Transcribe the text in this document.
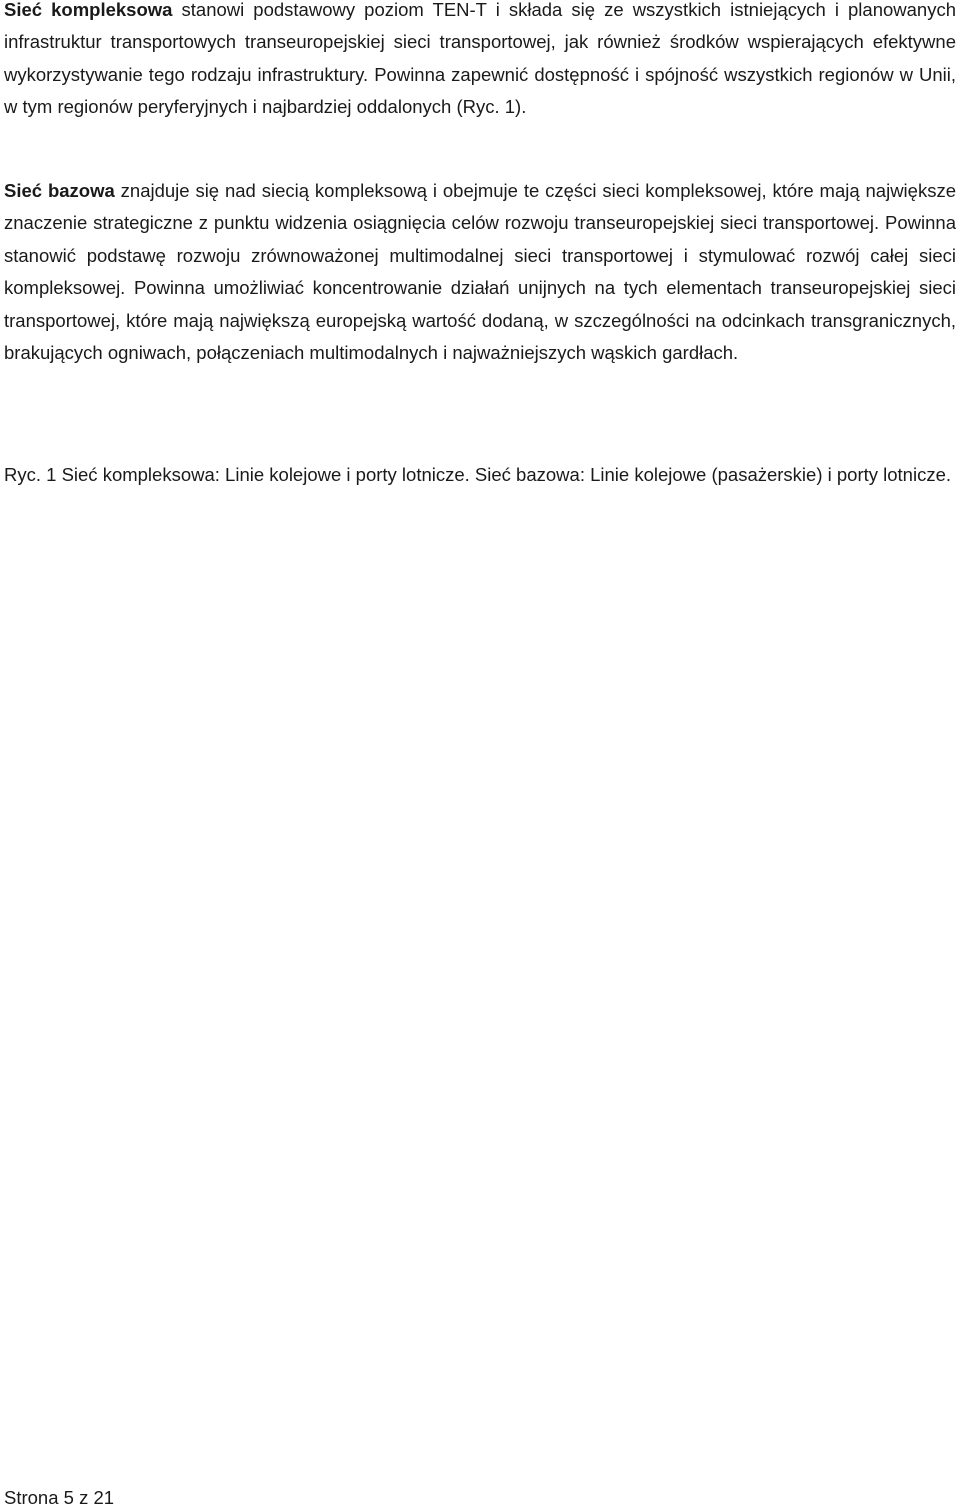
Sieć kompleksowa stanowi podstawowy poziom TEN-T i składa się ze wszystkich istniejących i planowanych infrastruktur transportowych transeuropejskiej sieci transportowej, jak również środków wspierających efektywne wykorzystywanie tego rodzaju infrastruktury. Powinna zapewnić dostępność i spójność wszystkich regionów w Unii, w tym regionów peryferyjnych i najbardziej oddalonych (Ryc. 1).

Sieć bazowa znajduje się nad siecią kompleksową i obejmuje te części sieci kompleksowej, które mają największe znaczenie strategiczne z punktu widzenia osiągnięcia celów rozwoju transeuropejskiej sieci transportowej. Powinna stanowić podstawę rozwoju zrównoważonej multimodalnej sieci transportowej i stymulować rozwój całej sieci kompleksowej. Powinna umożliwiać koncentrowanie działań unijnych na tych elementach transeuropejskiej sieci transportowej, które mają największą europejską wartość dodaną, w szczególności na odcinkach transgranicznych, brakujących ogniwach, połączeniach multimodalnych i najważniejszych wąskich gardłach.

Ryc. 1 Sieć kompleksowa: Linie kolejowe i porty lotnicze. Sieć bazowa: Linie kolejowe (pasażerskie) i porty lotnicze.

Strona 5 z 21
